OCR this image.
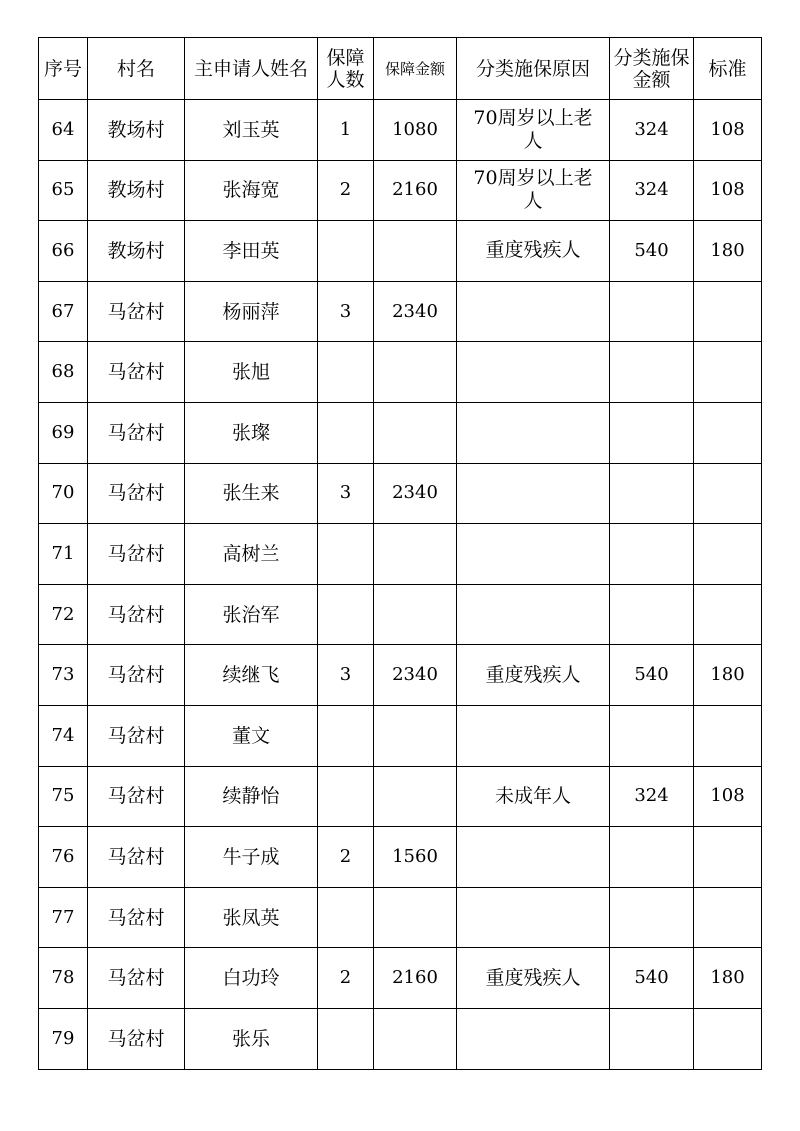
序号	村名	主申请人姓名	保障人数	保障金额	分类施保原因	分类施保金额	标准
64	教场村	刘玉英	1	1080	70周岁以上老人	324	108
65	教场村	张海宽	2	2160	70周岁以上老人	324	108
66	教场村	李田英			重度残疾人	540	180
67	马岔村	杨丽萍	3	2340			
68	马岔村	张旭					
69	马岔村	张璨					
70	马岔村	张生来	3	2340			
71	马岔村	高树兰					
72	马岔村	张治军					
73	马岔村	续继飞	3	2340	重度残疾人	540	180
74	马岔村	董文					
75	马岔村	续静怡			未成年人	324	108
76	马岔村	牛子成	2	1560			
77	马岔村	张凤英					
78	马岔村	白功玲	2	2160	重度残疾人	540	180
79	马岔村	张乐					
